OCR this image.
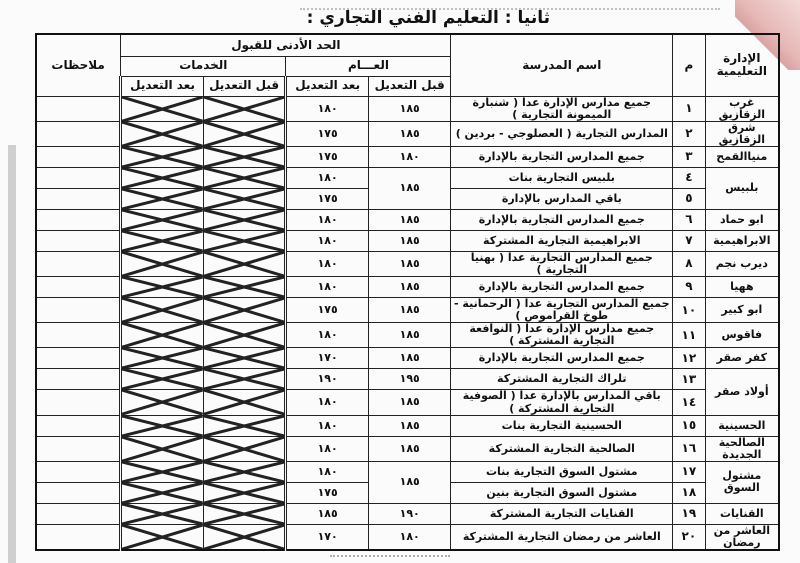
ثانيا : التعليم الفني التجاري :
الإدارة التعليمية	م	اسم المدرسة	الحد الأدنى للقبول				ملاحظات
			العـــام		الخدمات		
			قبل التعديل	بعد التعديل	قبل التعديل	بعد التعديل	
غرب الزقازيق	١	جميع مدارس الإدارة عدا ( شنبارة الميمونة التجارية )	١٨٥	١٨٠	

شرق الزقازيق	٢	المدارس التجارية ( العصلوجي - بردين )	١٨٥	١٧٥	

منياالقمح	٣	جميع المدارس التجارية بالإدارة	١٨٠	١٧٥	

بلبيس	٤	بلبيس التجارية بنات	١٨٥	١٨٠	

	٥	باقي المدارس بالإدارة		١٧٥	

ابو حماد	٦	جميع المدارس التجارية بالإدارة	١٨٥	١٨٠	

الابراهيمية	٧	الابراهيمية التجارية المشتركة	١٨٥	١٨٠	

ديرب نجم	٨	جميع المدارس التجارية عدا ( بهنيا التجارية )	١٨٥	١٨٠	

ههيا	٩	جميع المدارس التجارية بالإدارة	١٨٥	١٨٠	

ابو كبير	١٠	جميع المدارس التجارية عدا ( الرحمانية - طوخ القراموص )	١٨٥	١٧٥	

فاقوس	١١	جميع مدارس الإدارة عدا ( النوافعة التجارية المشتركة )	١٨٥	١٨٠	

كفر صقر	١٢	جميع المدارس التجارية بالإدارة	١٨٥	١٧٠	

أولاد صقر	١٣	تلراك التجارية المشتركة	١٩٥	١٩٠	

	١٤	باقي المدارس بالإدارة عدا ( الصوفية التجارية المشتركة )	١٨٥	١٨٠	

الحسينية	١٥	الحسينية التجارية بنات	١٨٥	١٨٠	

الصالحية الجديدة	١٦	الصالحية التجارية المشتركة	١٨٥	١٨٠	

مشتول السوق	١٧	مشتول السوق التجارية بنات	١٨٥	١٨٠	

	١٨	مشتول السوق التجارية بنين		١٧٥	

القنايات	١٩	القنايات التجارية المشتركة	١٩٠	١٨٥	

العاشر من رمضان	٢٠	العاشر من رمضان التجارية المشتركة	١٨٠	١٧٠	
